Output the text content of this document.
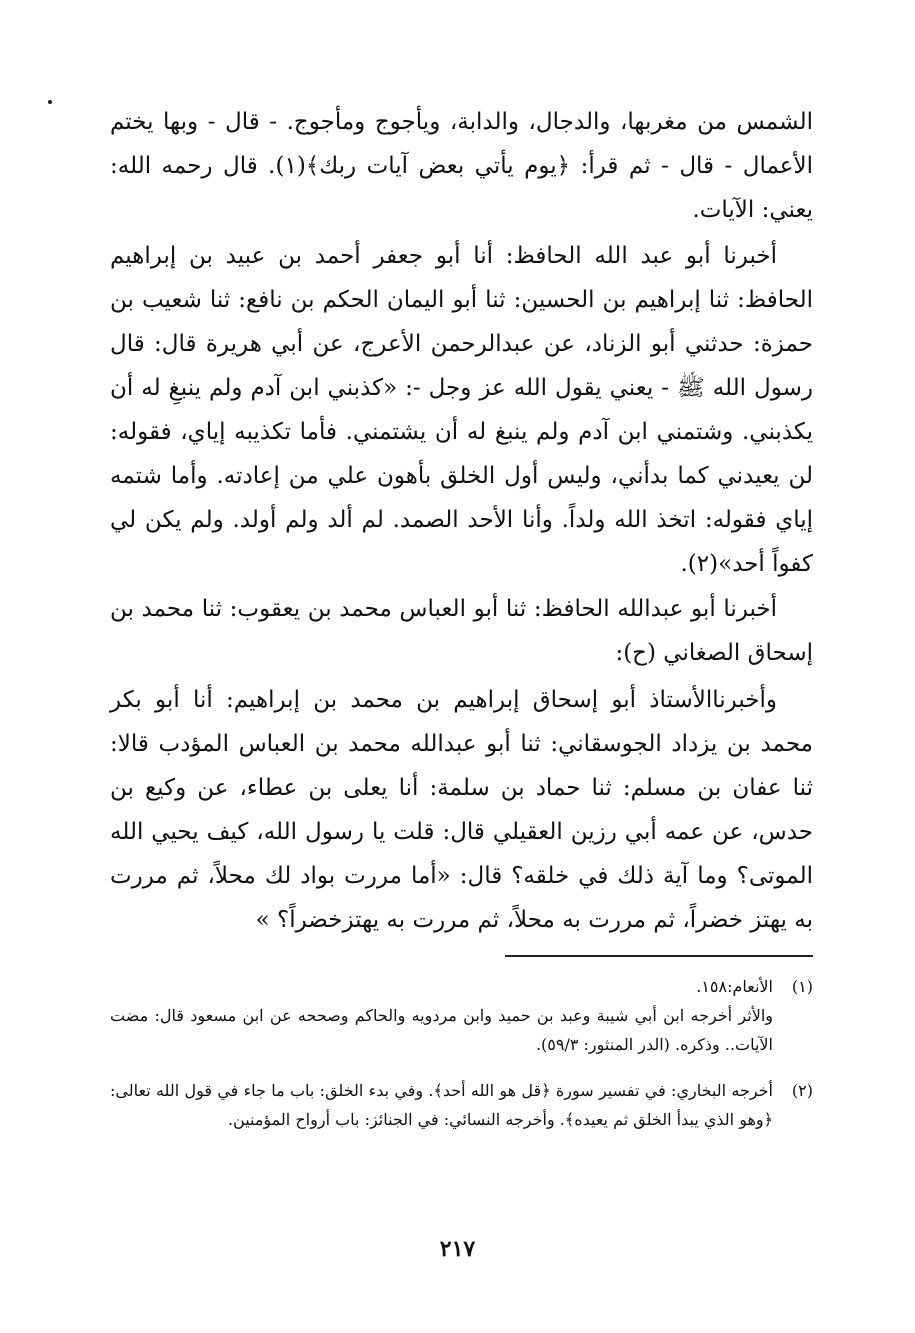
الشمس من مغربها، والدجال، والدابة، ويأجوج ومأجوج. - قال - وبها يختم الأعمال - قال - ثم قرأ: ﴿يوم يأتي بعض آيات ربك﴾(١). قال رحمه الله: يعني: الآيات.

أخبرنا أبو عبد الله الحافظ: أنا أبو جعفر أحمد بن عبيد بن إبراهيم الحافظ: ثنا إبراهيم بن الحسين: ثنا أبو اليمان الحكم بن نافع: ثنا شعيب بن حمزة: حدثني أبو الزناد، عن عبدالرحمن الأعرج، عن أبي هريرة قال: قال رسول الله ﷺ - يعني يقول الله عز وجل -: «كذبني ابن آدم ولم ينبغِ له أن يكذبني. وشتمني ابن آدم ولم ينبغ له أن يشتمني. فأما تكذيبه إياي، فقوله: لن يعيدني كما بدأني، وليس أول الخلق بأهون علي من إعادته. وأما شتمه إياي فقوله: اتخذ الله ولداً. وأنا الأحد الصمد. لم ألد ولم أولد. ولم يكن لي كفواً أحد»(٢).

أخبرنا أبو عبدالله الحافظ: ثنا أبو العباس محمد بن يعقوب: ثنا محمد بن إسحاق الصغاني (ح):

وأخبرناالأستاذ أبو إسحاق إبراهيم بن محمد بن إبراهيم: أنا أبو بكر محمد بن يزداد الجوسقاني: ثنا أبو عبدالله محمد بن العباس المؤدب قالا: ثنا عفان بن مسلم: ثنا حماد بن سلمة: أنا يعلى بن عطاء، عن وكيع بن حدس، عن عمه أبي رزين العقيلي قال: قلت يا رسول الله، كيف يحيي الله الموتى؟ وما آية ذلك في خلقه؟ قال: «أما مررت بواد لك محلاً، ثم مررت به يهتز خضراً، ثم مررت به محلاً، ثم مررت به يهتزخضراً؟ »

(١)
الأنعام:١٥٨.
والأثر أخرجه ابن أبي شيبة وعبد بن حميد وابن مردويه والحاكم وصححه عن ابن مسعود قال: مضت الآيات.. وذكره. (الدر المنثور: ٥٩/٣).
(٢)
أخرجه البخاري: في تفسير سورة ﴿قل هو الله أحد﴾. وفي بدء الخلق: باب ما جاء في قول الله تعالى: ﴿وهو الذي يبدأ الخلق ثم يعيده﴾. وأخرجه النسائي: في الجنائز: باب أرواح المؤمنين.
٢١٧
